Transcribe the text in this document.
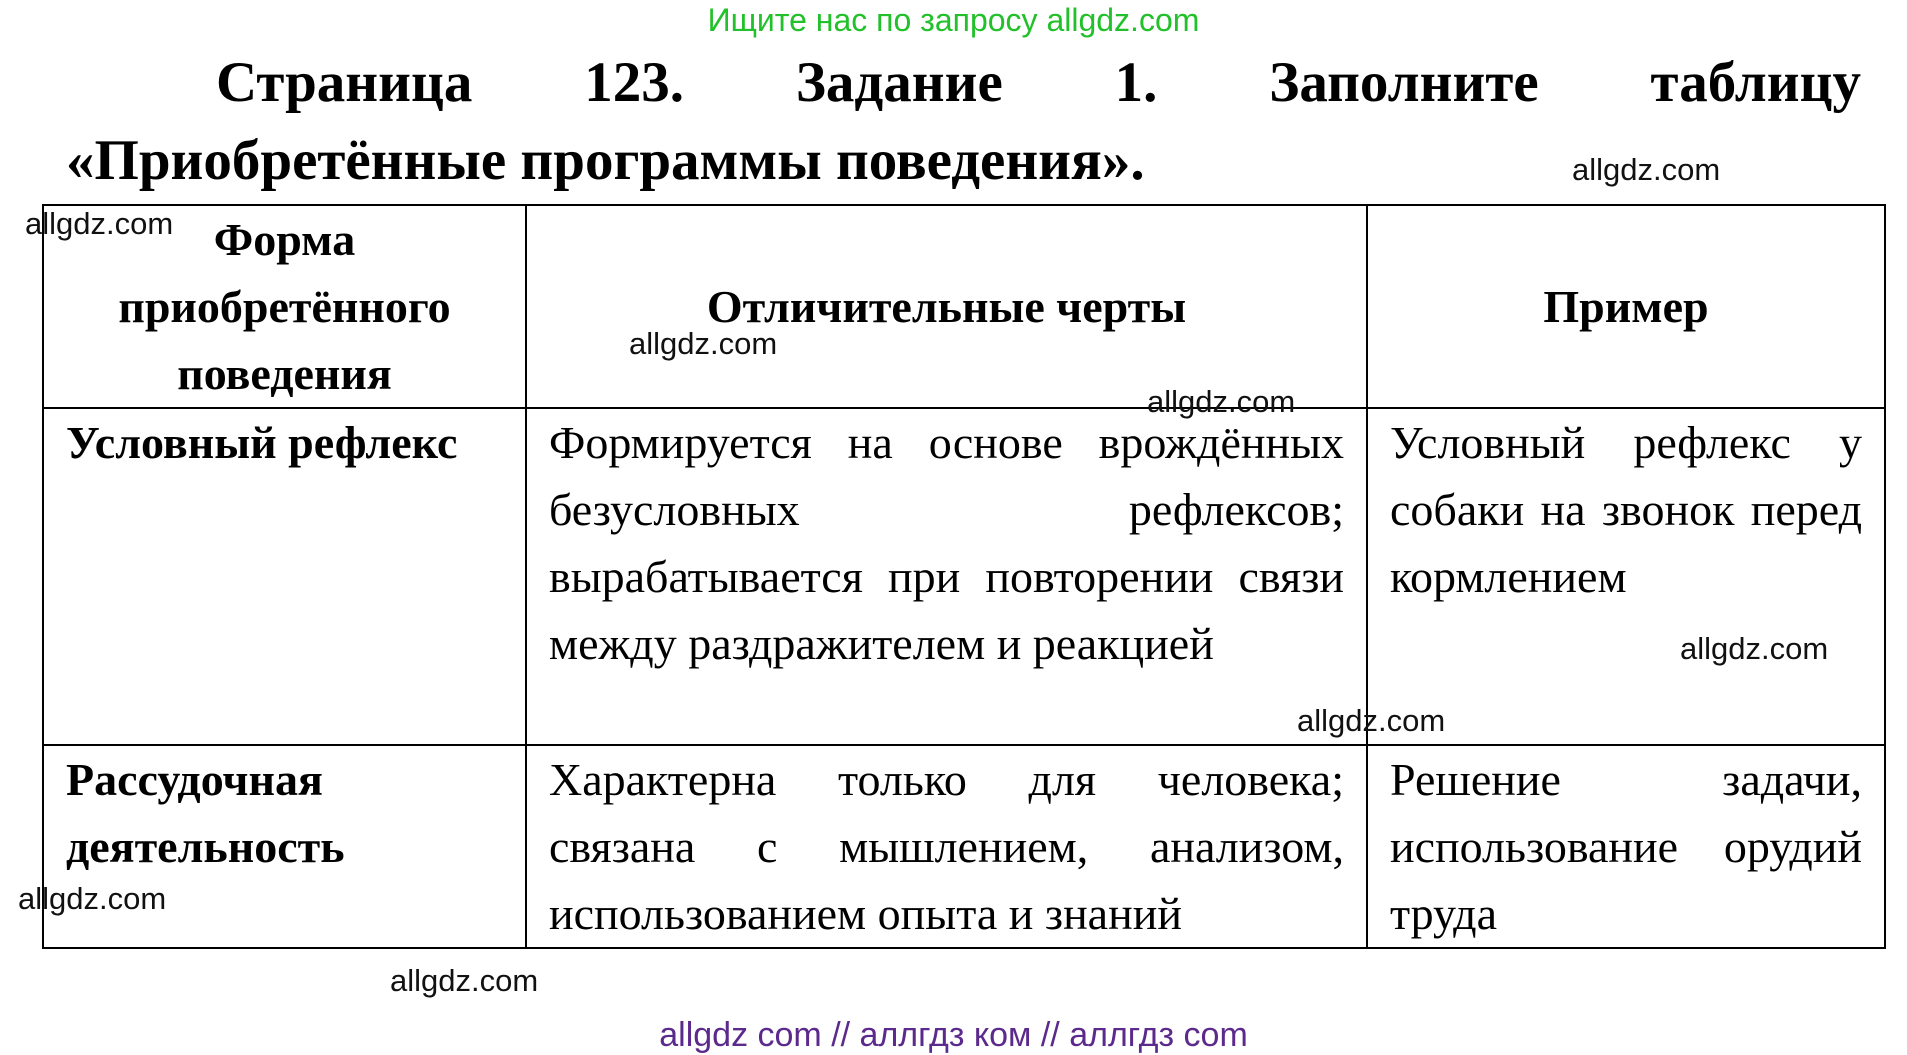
Ищите нас по запросу allgdz.com
Страница 123. Задание 1. Заполните таблицу
«Приобретённые программы поведения».
Форма приобретённого поведения	Отличительные черты	Пример
Условный рефлекс	Формируется на основе врождённых безусловных рефлексов; вырабатывается при повторении связи между раздражителем и реакцией	Условный рефлекс у собаки на звонок перед кормлением
Рассудочная деятельность	Характерна только для человека; связана с мышлением, анализом, использованием опыта и знаний	Решение задачи, использование орудий труда
allgdz.com
allgdz.com
allgdz.com
allgdz.com
allgdz.com
allgdz.com
allgdz.com
allgdz.com
allgdz com // аллгдз ком // аллгдз com
